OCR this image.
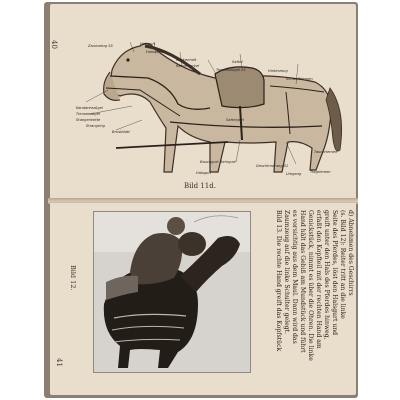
40	Zaumzeug 55	Halsgurt
Halsriemen
Rückenhalt
Kammdeckel
Sattel
Trensenzügel 25	Hinterzeug
Schweifriemen
Kandarenzügel
Trensenzügel
Stangenkette
Brustblatt
Strangring
Sattelgurt
Bauchgurt Sehrgurt
Halsgurt
Geschirrstrang 51
Umgang Tragriemen
Tauchriemen
Bild 11d.
Bild 12.
41

d) Abnehmen des Geschirrs

(s. Bild 12): Reiter tritt an die linke

Seite des Pferdes, löst den Halsgurt und

greift unter den Hals des Pferdes hinweg,

erfaßt den Kopfteil mit der rechten Hand am

Genickstück, nimmt es über die Ohren. Die linke

Hand hält das Gebiß am Mundstück und führt

es vorsichtig aus dem Maul. Dann wird das

Zaumzeug auf die linke Schulter gelegt.

Bild 13. Die rechte Hand greift das Kopfstück
